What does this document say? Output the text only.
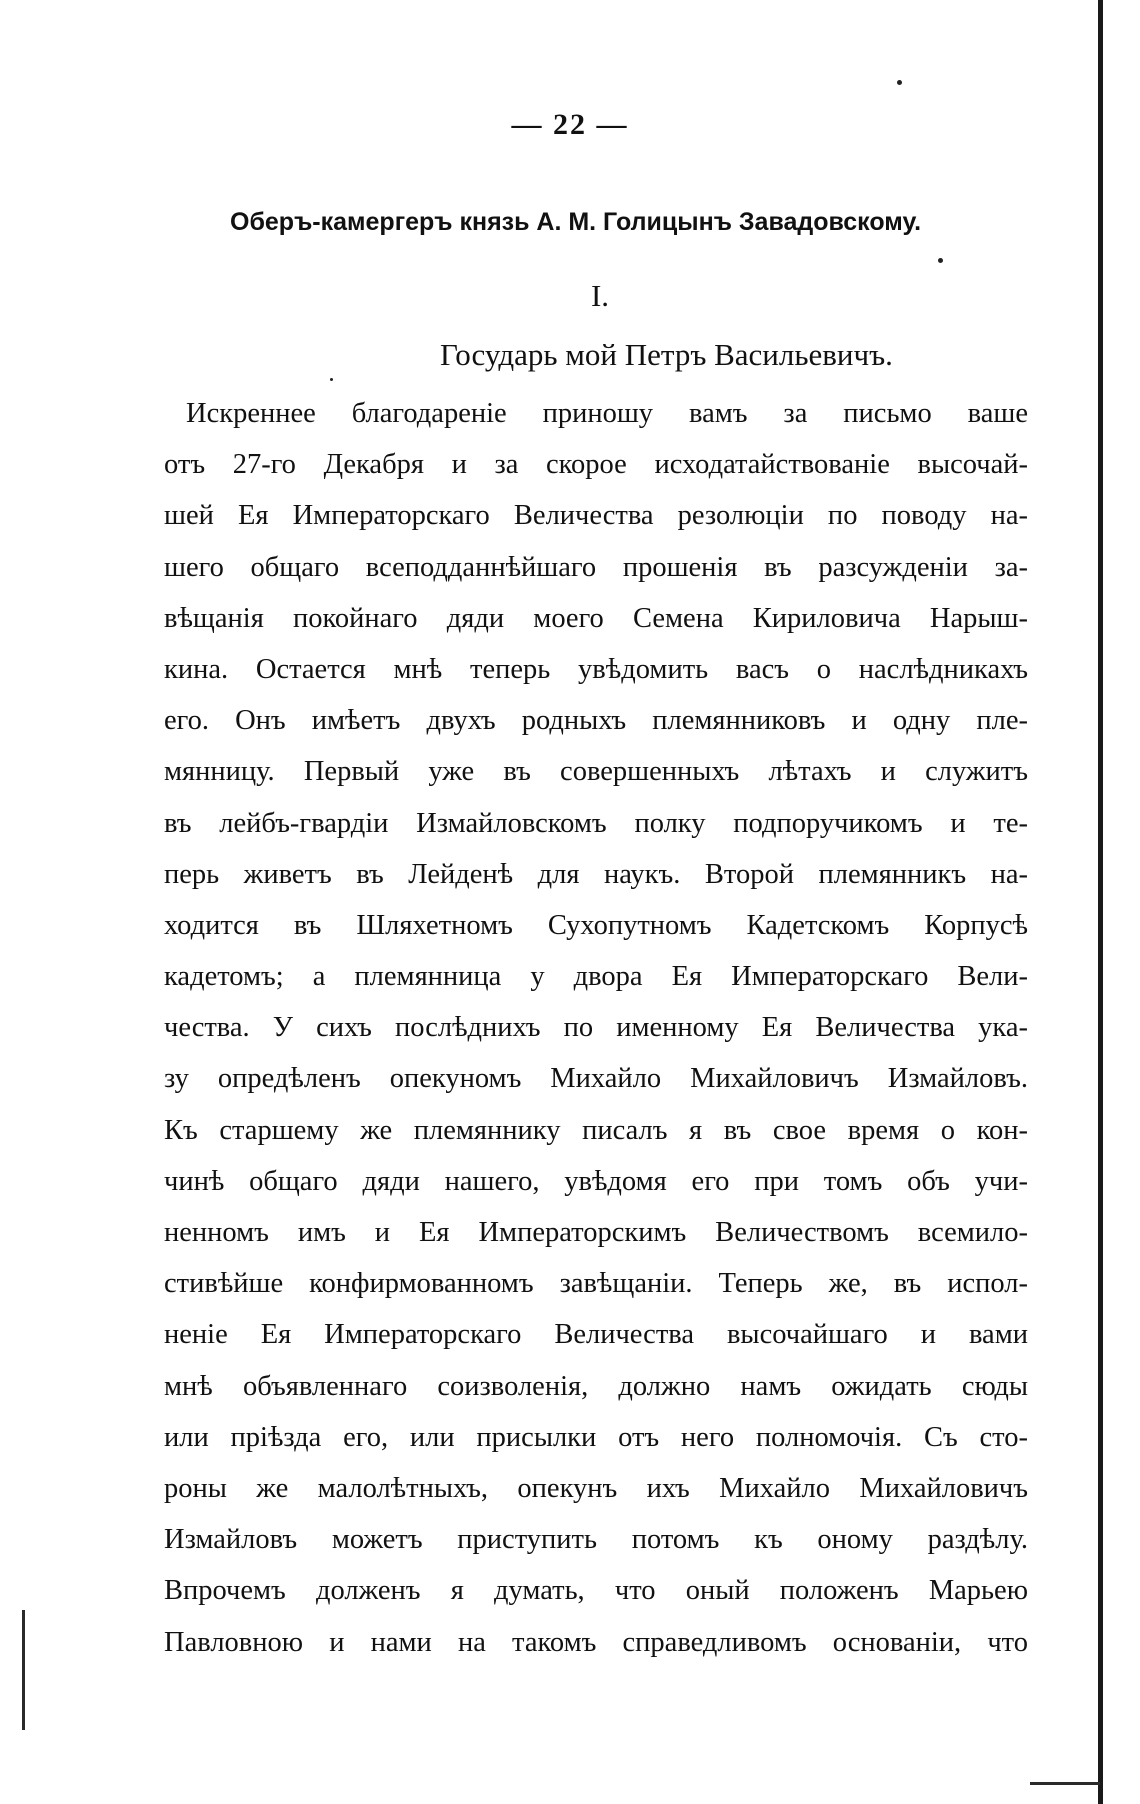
— 22 —
Оберъ-камергеръ князь А. М. Голицынъ Завадовскому.
I.
Государь мой Петръ Васильевичъ.
Искреннее благодареніе приношу вамъ за письмо ваше
отъ 27-го Декабря и за скорое исходатайствованіе высочай-
шей Ея Императорскаго Величества резолюціи по поводу на-
шего общаго всеподданнѣйшаго прошенія въ разсужденіи за-
вѣщанія покойнаго дяди моего Семена Кириловича Нарыш-
кина. Остается мнѣ теперь увѣдомить васъ о наслѣдникахъ
его. Онъ имѣетъ двухъ родныхъ племянниковъ и одну пле-
мянницу. Первый уже въ совершенныхъ лѣтахъ и служитъ
въ лейбъ-гвардіи Измайловскомъ полку подпоручикомъ и те-
перь живетъ въ Лейденѣ для наукъ. Второй племянникъ на-
ходится въ Шляхетномъ Сухопутномъ Кадетскомъ Корпусѣ
кадетомъ; а племянница у двора Ея Императорскаго Вели-
чества. У сихъ послѣднихъ по именному Ея Величества ука-
зу опредѣленъ опекуномъ Михайло Михайловичъ Измайловъ.
Къ старшему же племяннику писалъ я въ свое время о кон-
чинѣ общаго дяди нашего, увѣдомя его при томъ объ учи-
ненномъ имъ и Ея Императорскимъ Величествомъ всемило-
стивѣйше конфирмованномъ завѣщаніи. Теперь же, въ испол-
неніе Ея Императорскаго Величества высочайшаго и вами
мнѣ объявленнаго соизволенія, должно намъ ожидать сюды
или пріѣзда его, или присылки отъ него полномочія. Съ сто-
роны же малолѣтныхъ, опекунъ ихъ Михайло Михайловичъ
Измайловъ можетъ приступить потомъ къ оному раздѣлу.
Впрочемъ долженъ я думать, что оный положенъ Марьею
Павловною и нами на такомъ справедливомъ основаніи, что
